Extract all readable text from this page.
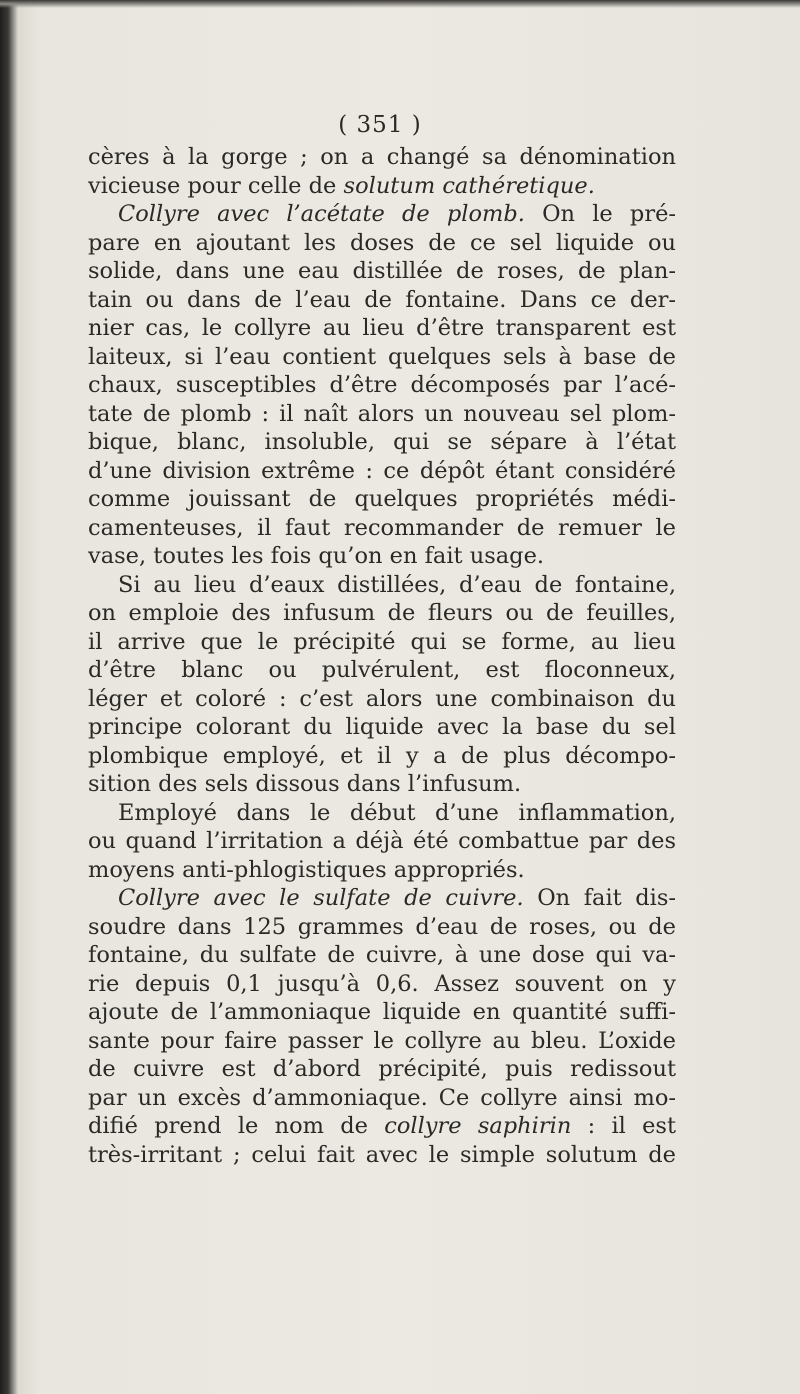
( 351 )
cères à la gorge ; on a changé sa dénomination
vicieuse pour celle de solutum cathéretique.
Collyre avec l’acétate de plomb. On le pré-
pare en ajoutant les doses de ce sel liquide ou
solide, dans une eau distillée de roses, de plan-
tain ou dans de l’eau de fontaine. Dans ce der-
nier cas, le collyre au lieu d’être transparent est
laiteux, si l’eau contient quelques sels à base de
chaux, susceptibles d’être décomposés par l’acé-
tate de plomb : il naît alors un nouveau sel plom-
bique, blanc, insoluble, qui se sépare à l’état
d’une division extrême : ce dépôt étant considéré
comme jouissant de quelques propriétés médi-
camenteuses, il faut recommander de remuer le
vase, toutes les fois qu’on en fait usage.
Si au lieu d’eaux distillées, d’eau de fontaine,
on emploie des infusum de fleurs ou de feuilles,
il arrive que le précipité qui se forme, au lieu
d’être blanc ou pulvérulent, est floconneux,
léger et coloré : c’est alors une combinaison du
principe colorant du liquide avec la base du sel
plombique employé, et il y a de plus décompo-
sition des sels dissous dans l’infusum.
Employé dans le début d’une inflammation,
ou quand l’irritation a déjà été combattue par des
moyens anti-phlogistiques appropriés.
Collyre avec le sulfate de cuivre. On fait dis-
soudre dans 125 grammes d’eau de roses, ou de
fontaine, du sulfate de cuivre, à une dose qui va-
rie depuis 0,1 jusqu’à 0,6. Assez souvent on y
ajoute de l’ammoniaque liquide en quantité suffi-
sante pour faire passer le collyre au bleu. L’oxide
de cuivre est d’abord précipité, puis redissout
par un excès d’ammoniaque. Ce collyre ainsi mo-
difié prend le nom de collyre saphirin : il est
très-irritant ; celui fait avec le simple solutum de
